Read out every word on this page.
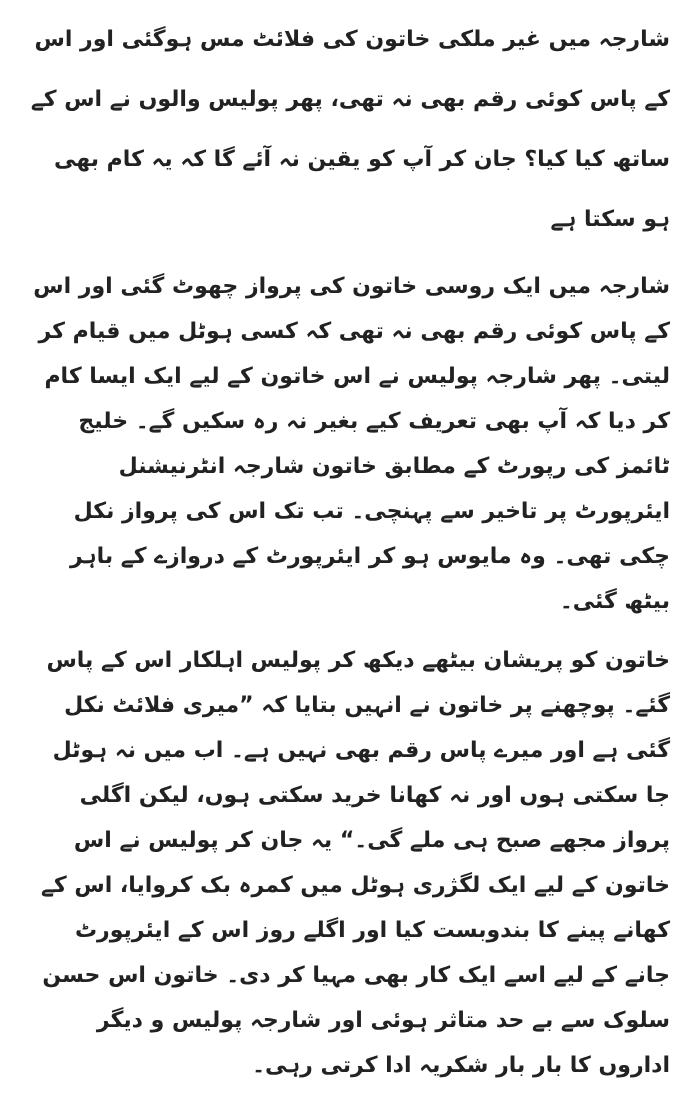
شارجہ میں غیر ملکی خاتون کی فلائٹ مس ہوگئی اور اس کے پاس کوئی رقم بھی نہ تھی، پھر پولیس والوں نے اس کے ساتھ کیا کیا؟ جان کر آپ کو یقین نہ آئے گا کہ یہ کام بھی ہو سکتا ہے

شارجہ میں ایک روسی خاتون کی پرواز چھوٹ گئی اور اس کے پاس کوئی رقم بھی نہ تھی کہ کسی ہوٹل میں قیام کر لیتی۔ پھر شارجہ پولیس نے اس خاتون کے لیے ایک ایسا کام کر دیا کہ آپ بھی تعریف کیے بغیر نہ رہ سکیں گے۔ خلیج ٹائمز کی رپورٹ کے مطابق خاتون شارجہ انٹرنیشنل ایئرپورٹ پر تاخیر سے پہنچی۔ تب تک اس کی پرواز نکل چکی تھی۔ وہ مایوس ہو کر ایئرپورٹ کے دروازے کے باہر بیٹھ گئی۔

خاتون کو پریشان بیٹھے دیکھ کر پولیس اہلکار اس کے پاس گئے۔ پوچھنے پر خاتون نے انہیں بتایا کہ ”میری فلائٹ نکل گئی ہے اور میرے پاس رقم بھی نہیں ہے۔ اب میں نہ ہوٹل جا سکتی ہوں اور نہ کھانا خرید سکتی ہوں، لیکن اگلی پرواز مجھے صبح ہی ملے گی۔“ یہ جان کر پولیس نے اس خاتون کے لیے ایک لگژری ہوٹل میں کمرہ بک کروایا، اس کے کھانے پینے کا بندوبست کیا اور اگلے روز اس کے ایئرپورٹ جانے کے لیے اسے ایک کار بھی مہیا کر دی۔ خاتون اس حسن سلوک سے بے حد متاثر ہوئی اور شارجہ پولیس و دیگر اداروں کا بار بار شکریہ ادا کرتی رہی۔
